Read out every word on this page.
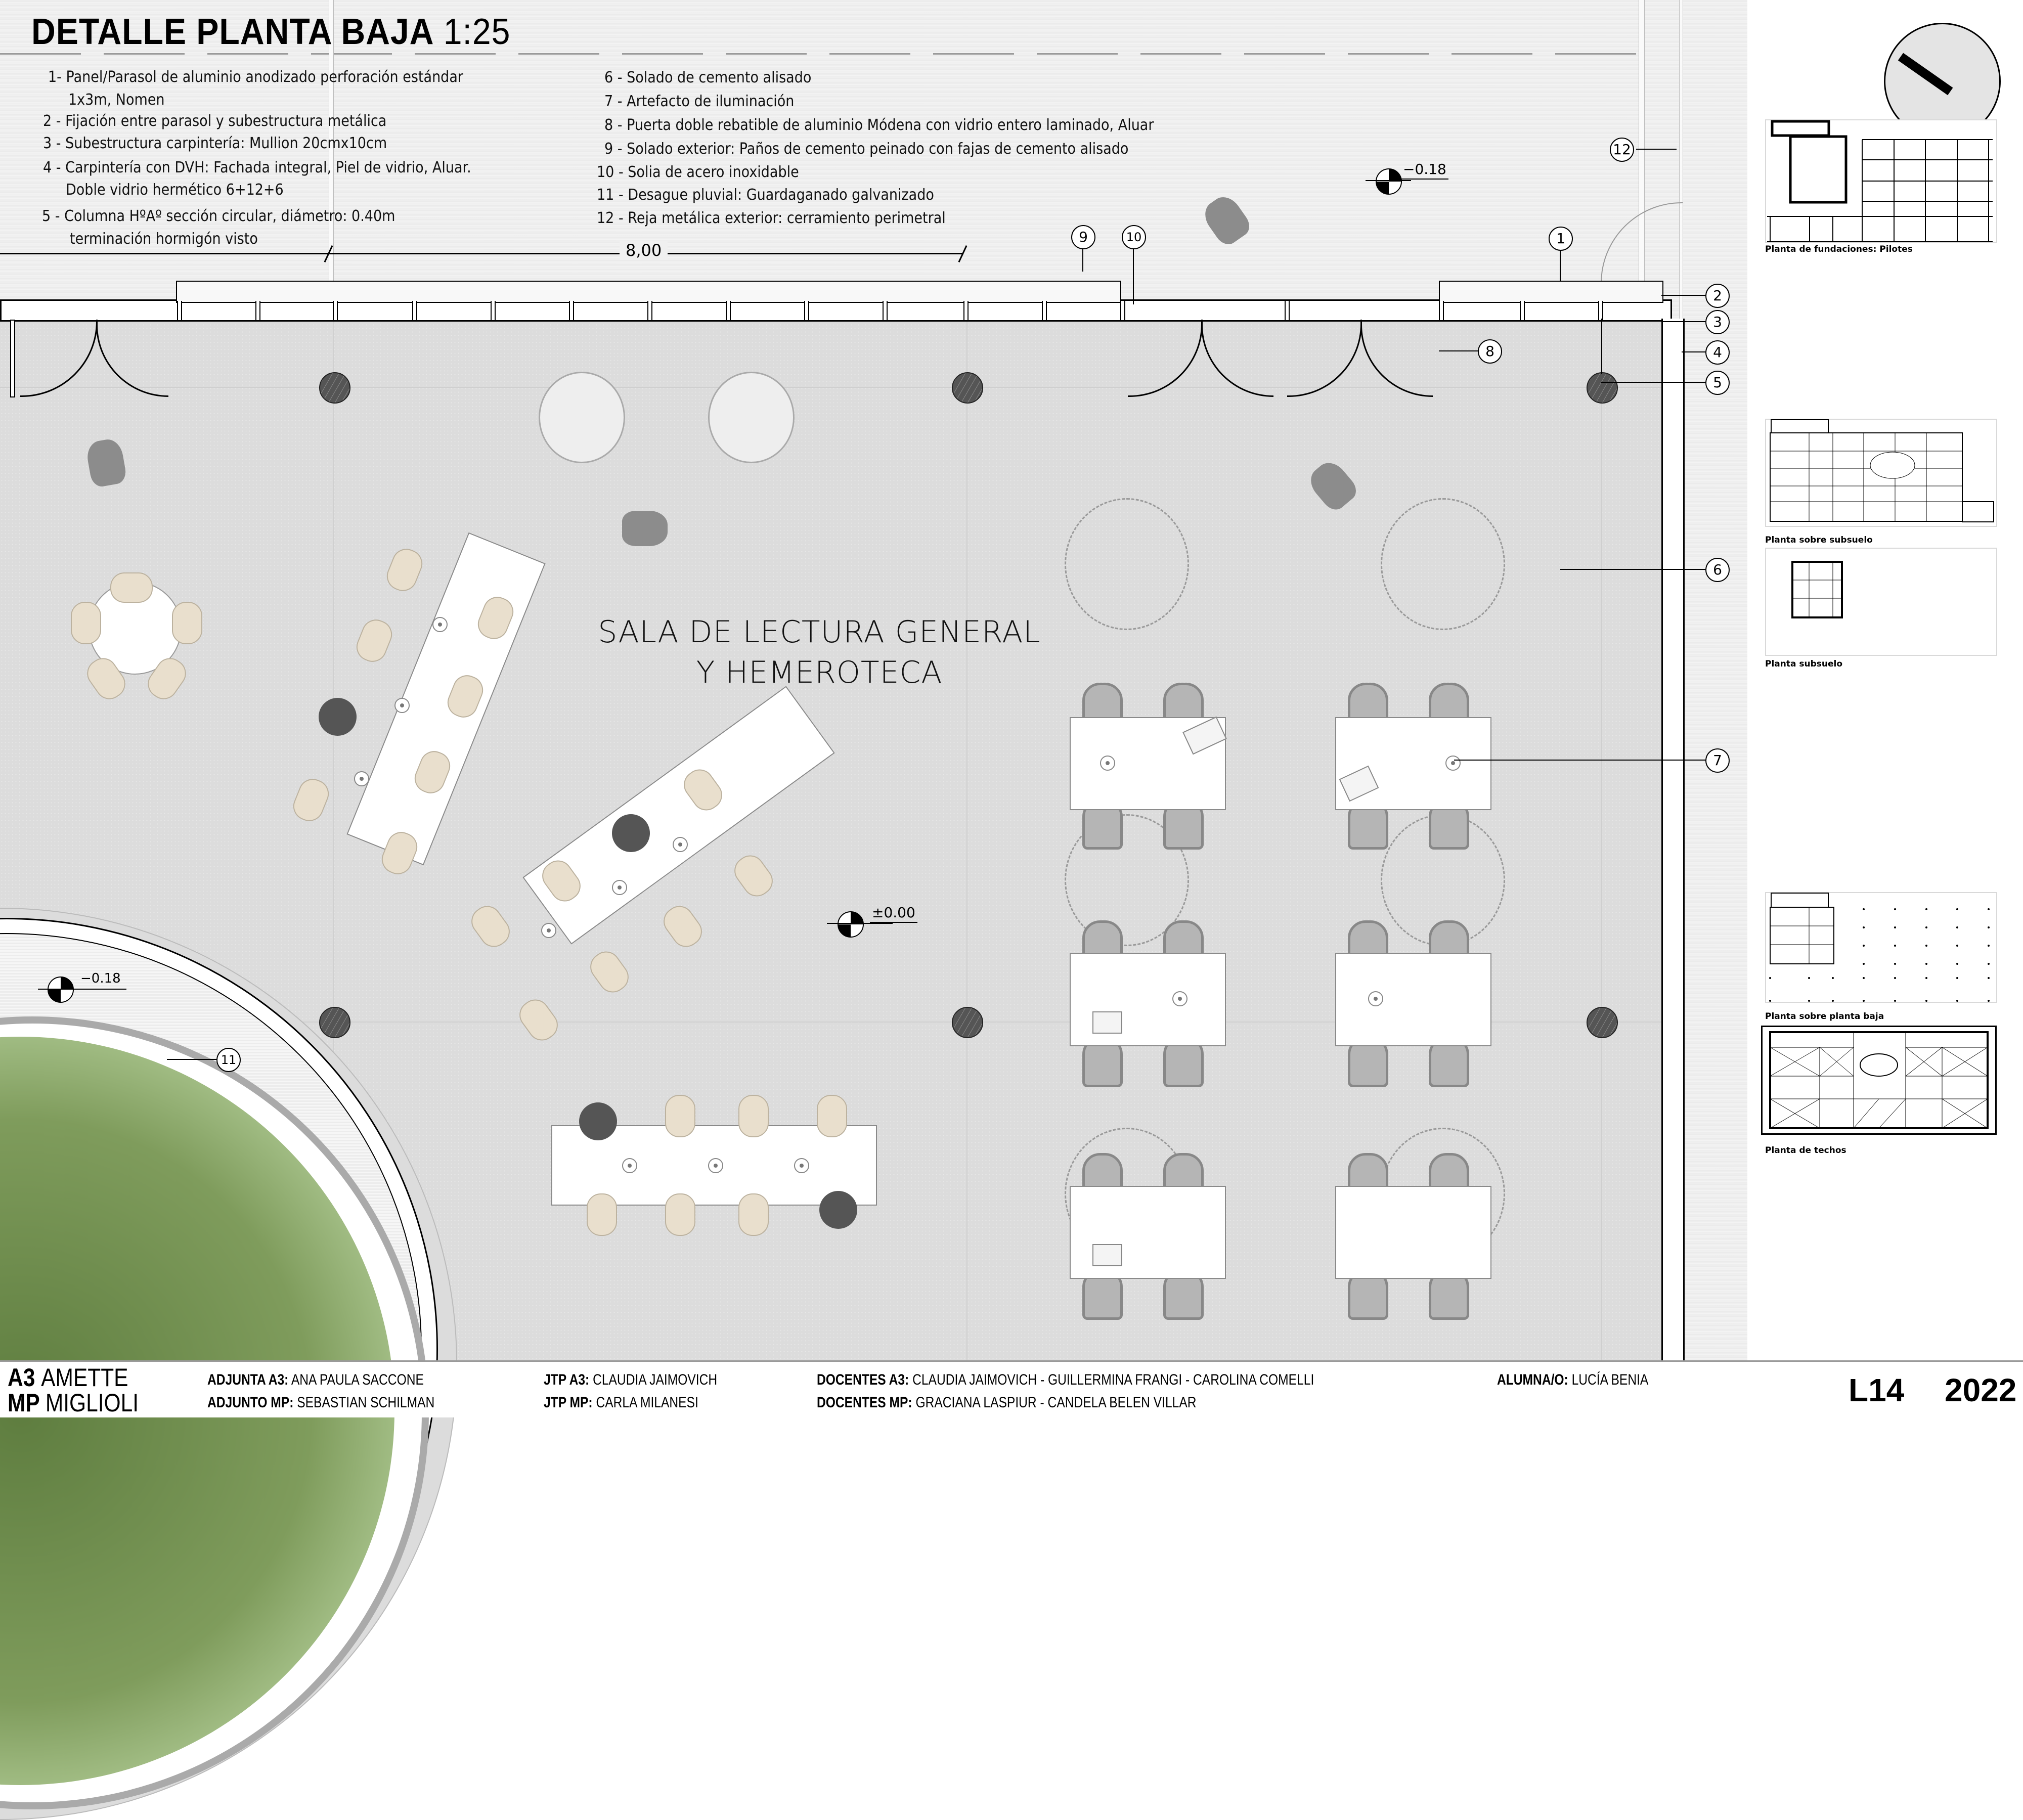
DETALLE PLANTA BAJA 1:25
1- Panel/Parasol de aluminio anodizado perforación estándar
1x3m, Nomen
2 - Fijación entre parasol y subestructura metálica
3 - Subestructura carpintería: Mullion 20cmx10cm
4 - Carpintería con DVH: Fachada integral, Piel de vidrio, Aluar.
Doble vidrio hermético 6+12+6
5 - Columna HºAº sección circular, diámetro: 0.40m
terminación hormigón visto
6 - Solado de cemento alisado
7 - Artefacto de iluminación
8 - Puerta doble rebatible de aluminio Módena con vidrio entero laminado, Aluar
9 - Solado exterior: Paños de cemento peinado con fajas de cemento alisado
10 - Solia de acero inoxidable
11 - Desague pluvial: Guardaganado galvanizado
12 - Reja metálica exterior: cerramiento perimetral
8,00
−0.18
SALA DE LECTURA GENERAL
Y HEMEROTECA
±0.00
−0.18
12
1
9	10
2
3
4
5
8
6
7
11
Planta de fundaciones: Pilotes
Planta sobre subsuelo
Planta subsuelo
Planta sobre planta baja
Planta de techos
A3 AMETTE
MP MIGLIOLI
ADJUNTA A3: ANA PAULA SACCONE
ADJUNTO MP: SEBASTIAN SCHILMAN
JTP A3: CLAUDIA JAIMOVICH
JTP MP: CARLA MILANESI
DOCENTES A3: CLAUDIA JAIMOVICH - GUILLERMINA FRANGI - CAROLINA COMELLI
DOCENTES MP: GRACIANA LASPIUR - CANDELA BELEN VILLAR
ALUMNA/O: LUCÍA BENIA	L14 2022
